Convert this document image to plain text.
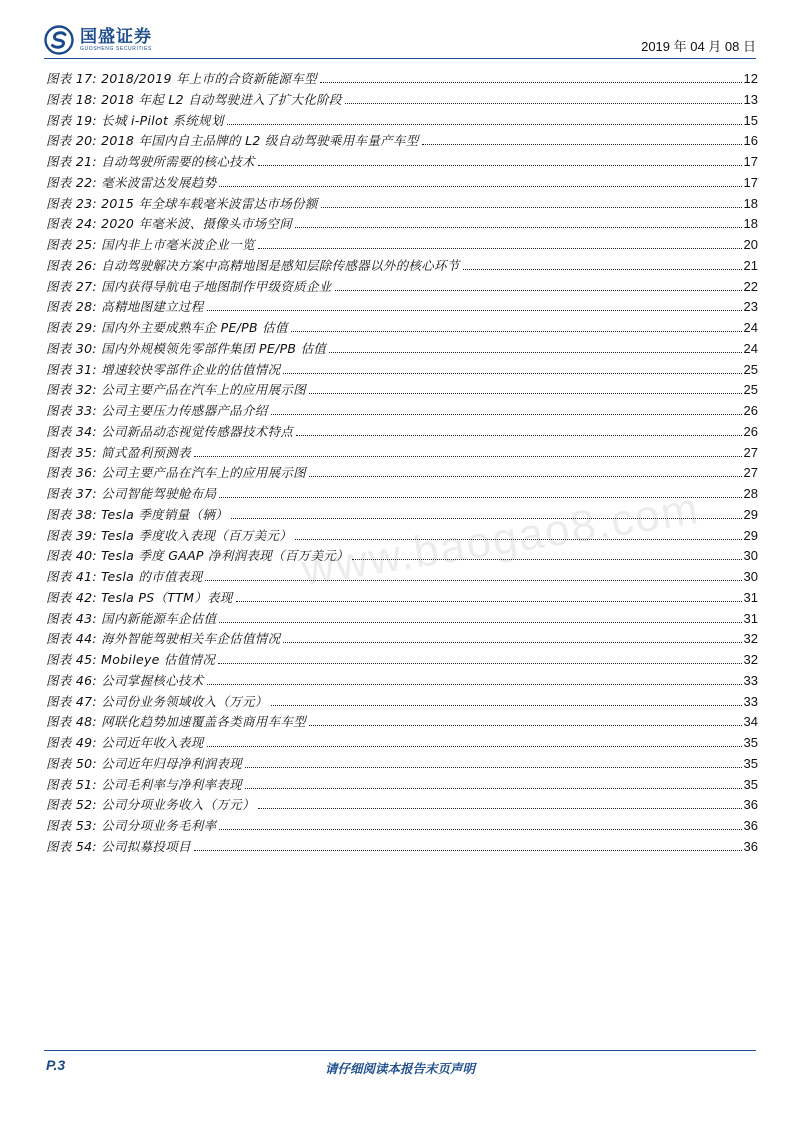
国盛证券
GUOSHENG SECURITIES	2019 年 04 月 08 日
图表 17: 2018/2019 年上市的合资新能源车型	12
图表 18: 2018 年起 L2 自动驾驶进入了扩大化阶段	13
图表 19: 长城 i-Pilot 系统规划	15
图表 20: 2018 年国内自主品牌的 L2 级自动驾驶乘用车量产车型	16
图表 21: 自动驾驶所需要的核心技术	17
图表 22: 毫米波雷达发展趋势	17
图表 23: 2015 年全球车载毫米波雷达市场份额	18
图表 24: 2020 年毫米波、摄像头市场空间	18
图表 25: 国内非上市毫米波企业一览	20
图表 26: 自动驾驶解决方案中高精地图是感知层除传感器以外的核心环节	21
图表 27: 国内获得导航电子地图制作甲级资质企业	22
图表 28: 高精地图建立过程	23
图表 29: 国内外主要成熟车企 PE/PB 估值	24
图表 30: 国内外规模领先零部件集团 PE/PB 估值	24
图表 31: 增速较快零部件企业的估值情况	25
图表 32: 公司主要产品在汽车上的应用展示图	25
图表 33: 公司主要压力传感器产品介绍	26
图表 34: 公司新品动态视觉传感器技术特点	26
图表 35: 简式盈利预测表	27
图表 36: 公司主要产品在汽车上的应用展示图	27
图表 37: 公司智能驾驶舱布局	28
图表 38: Tesla 季度销量（辆）	29
图表 39: Tesla 季度收入表现（百万美元）	29
图表 40: Tesla 季度 GAAP 净利润表现（百万美元）	30
图表 41: Tesla 的市值表现	30
图表 42: Tesla PS（TTM）表现	31
图表 43: 国内新能源车企估值	31
图表 44: 海外智能驾驶相关车企估值情况	32
图表 45: Mobileye 估值情况	32
图表 46: 公司掌握核心技术	33
图表 47: 公司份业务领域收入（万元）	33
图表 48: 网联化趋势加速覆盖各类商用车车型	34
图表 49: 公司近年收入表现	35
图表 50: 公司近年归母净利润表现	35
图表 51: 公司毛利率与净利率表现	35
图表 52: 公司分项业务收入（万元）	36
图表 53: 公司分项业务毛利率	36
图表 54: 公司拟募投项目	36
www.baogao8.com
P.3	请仔细阅读本报告末页声明
